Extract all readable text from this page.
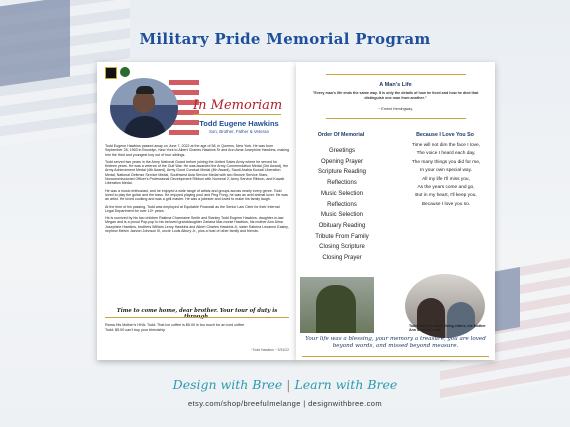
Military Pride Memorial Program
In Memoriam
Todd Eugene Hawkins
Son, Brother, Father & Veteran

Todd Eugene Hawkins passed away on June 7, 2022 at the age of 58, in Queens, New York. He was born September 28, 1963 in Brooklyn, New York to Albert Charles Hawkins Sr and Ann Alma Josephine Hawkins, making him the third and youngest boy out of four siblings.

Todd served two years in the Army National Guard before joining the United Sates Army where he served for thirteen years. He was a veteran of the Gulf War. He was awarded the Army Commendation Medal (3rd Award), the Army Achievement Medal (4th Award), Army Good Conduct Medal (4th Award), Saudi Arabia Kuwait Liberation Medal, National Defense Service Medal, Southwest Asia Service Medal with two Bronze Service Stars, Noncommissioned Officer's Professional Development Ribbon with Numeral 2, Army Service Ribbon, and Kuwait Liberation Medal.

He was a music enthusiast, and he enjoyed a wide range of artists and groups across nearly every genre. Todd loved to play the guitar and the bass. He enjoyed playing pool and Ping Pong, he was an avid animal lover. He was an artist. He loved cooking and was a grill master. He was a jokester and loved to make his family laugh.

At the time of his passing, Todd was employed at Equitable Financial as the Senior Law Clerk for their Internal Legal Department for over 10+ years.

He is survived by his two children Rakima Charmaine Smith and Stanley Todd Eugene Hawkins, daughter-in-law Megan and is a proud Pop-pop to his beloved granddaughter Zariana Mar-monie Hawkins, his mother Ann Alma Josephine Hawkins, brothers William Leroy Hawkins and Albert Charles Hawkins Jr, sister Sabrina Leoanne Easley, nephew Melvin Jaevon Johnson III, uncle Louis Albury Jr., plus a host of other family and friends.

Time to come home, dear brother. Your tour of duty is through.
Rama His Mother's HHA: Todd: That ice coffee is $5.00 is too much for an iced coffee
Todd: $5.00 can't buy your friendship
~Todd Hawkins ~ 5/31/22
A Man's Life
"Every man's life ends the same way. It is only the details of how he lived and how he died that distinguish one man from another."
~ Ernest Hemingway.
Order Of Memorial	Because I Love You So
Greetings
Opening Prayer
Scripture Reading
Reflections
Music Selection
Reflections
Music Selection
Obituary Reading
Tribute From Family
Closing Scripture
Closing Prayer
Time will not dim the face I love,
The voice I heard each day,
The many things you did for me,
In your own special way.
All my life I'll miss you,
As the years come and go,
But in my heart, I'll keep you,
Because I love you so.
Todd with his oldest living elders, his Mother Ann & Uncle Louis
Your life was a blessing, your memory a treasure, you are loved beyond words, and missed beyond measure.
Design with Bree | Learn with Bree
etsy.com/shop/breefulmelange | designwithbree.com
